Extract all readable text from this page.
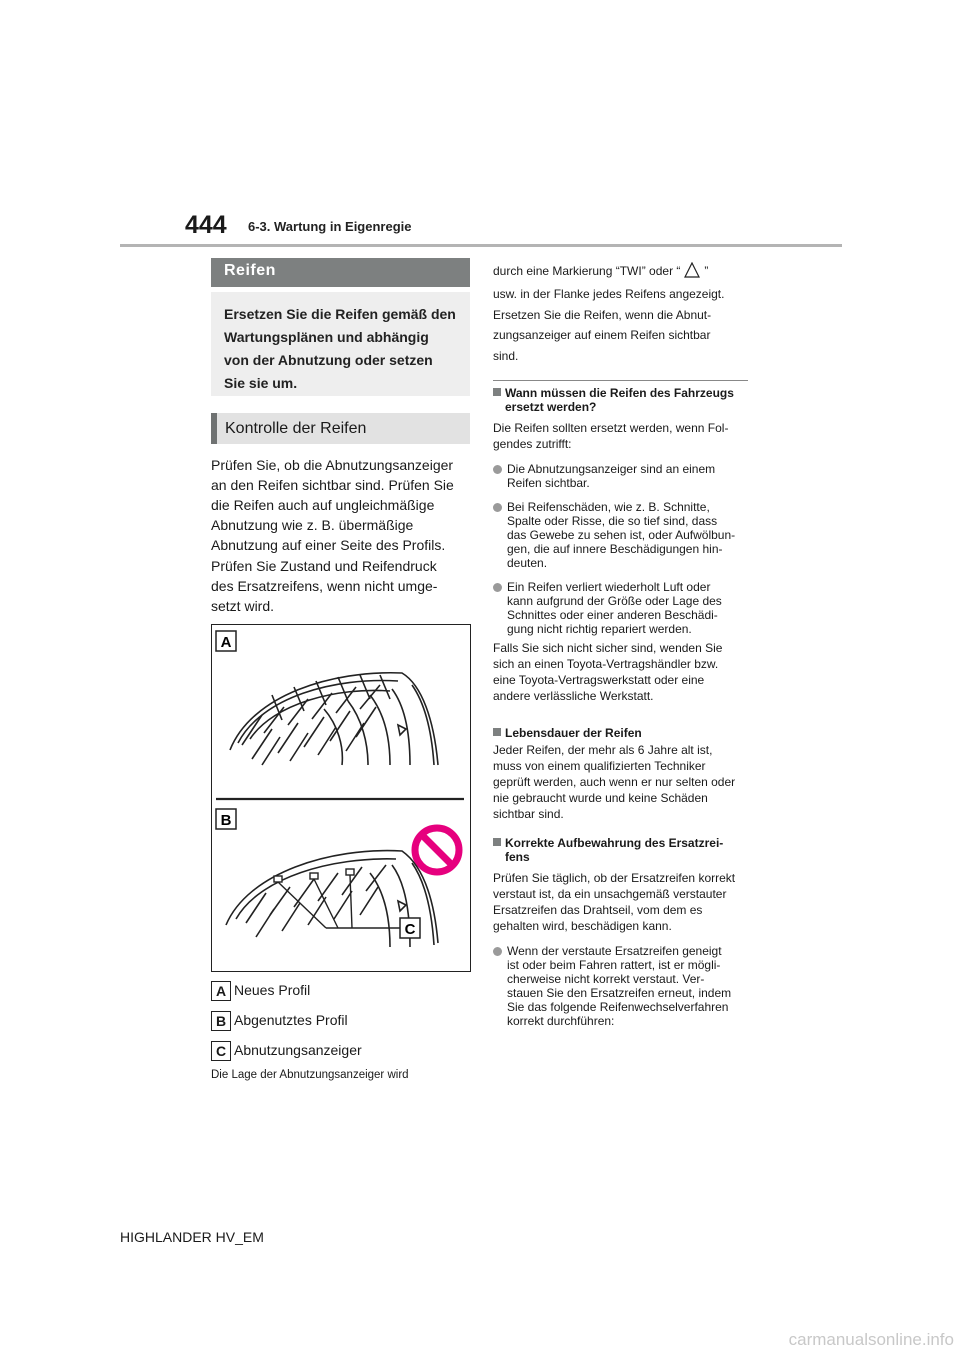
444 6-3. Wartung in Eigenregie
Reifen

Ersetzen Sie die Reifen gemäß den
Wartungsplänen und abhängig
von der Abnutzung oder setzen
Sie sie um.

Kontrolle der Reifen

Prüfen Sie, ob die Abnutzungsanzeiger
an den Reifen sichtbar sind. Prüfen Sie
die Reifen auch auf ungleichmäßige
Abnutzung wie z. B. übermäßige
Abnutzung auf einer Seite des Profils.

Prüfen Sie Zustand und Reifendruck
des Ersatzreifens, wenn nicht umge-
setzt wird.

A
B
C
A Neues Profil
B Abgenutztes Profil
C Abnutzungsanzeiger
Die Lage der Abnutzungsanzeiger wird

durch eine Markierung “TWI” oder “ ”

usw. in der Flanke jedes Reifens angezeigt.
Ersetzen Sie die Reifen, wenn die Abnut-
zungsanzeiger auf einem Reifen sichtbar
sind.

Wann müssen die Reifen des Fahrzeugs
ersetzt werden?

Die Reifen sollten ersetzt werden, wenn Fol-
gendes zutrifft:

Die Abnutzungsanzeiger sind an einem
Reifen sichtbar.

Bei Reifenschäden, wie z. B. Schnitte,
Spalte oder Risse, die so tief sind, dass
das Gewebe zu sehen ist, oder Aufwölbun-
gen, die auf innere Beschädigungen hin-
deuten.

Ein Reifen verliert wiederholt Luft oder
kann aufgrund der Größe oder Lage des
Schnittes oder einer anderen Beschädi-
gung nicht richtig repariert werden.

Falls Sie sich nicht sicher sind, wenden Sie
sich an einen Toyota-Vertragshändler bzw.
eine Toyota-Vertragswerkstatt oder eine
andere verlässliche Werkstatt.

Lebensdauer der Reifen

Jeder Reifen, der mehr als 6 Jahre alt ist,
muss von einem qualifizierten Techniker
geprüft werden, auch wenn er nur selten oder
nie gebraucht wurde und keine Schäden
sichtbar sind.

Korrekte Aufbewahrung des Ersatzrei-
fens

Prüfen Sie täglich, ob der Ersatzreifen korrekt
verstaut ist, da ein unsachgemäß verstauter
Ersatzreifen das Drahtseil, vom dem es
gehalten wird, beschädigen kann.

Wenn der verstaute Ersatzreifen geneigt
ist oder beim Fahren rattert, ist er mögli-
cherweise nicht korrekt verstaut. Ver-
stauen Sie den Ersatzreifen erneut, indem
Sie das folgende Reifenwechselverfahren
korrekt durchführen:

HIGHLANDER HV_EM
carmanualsonline.info
